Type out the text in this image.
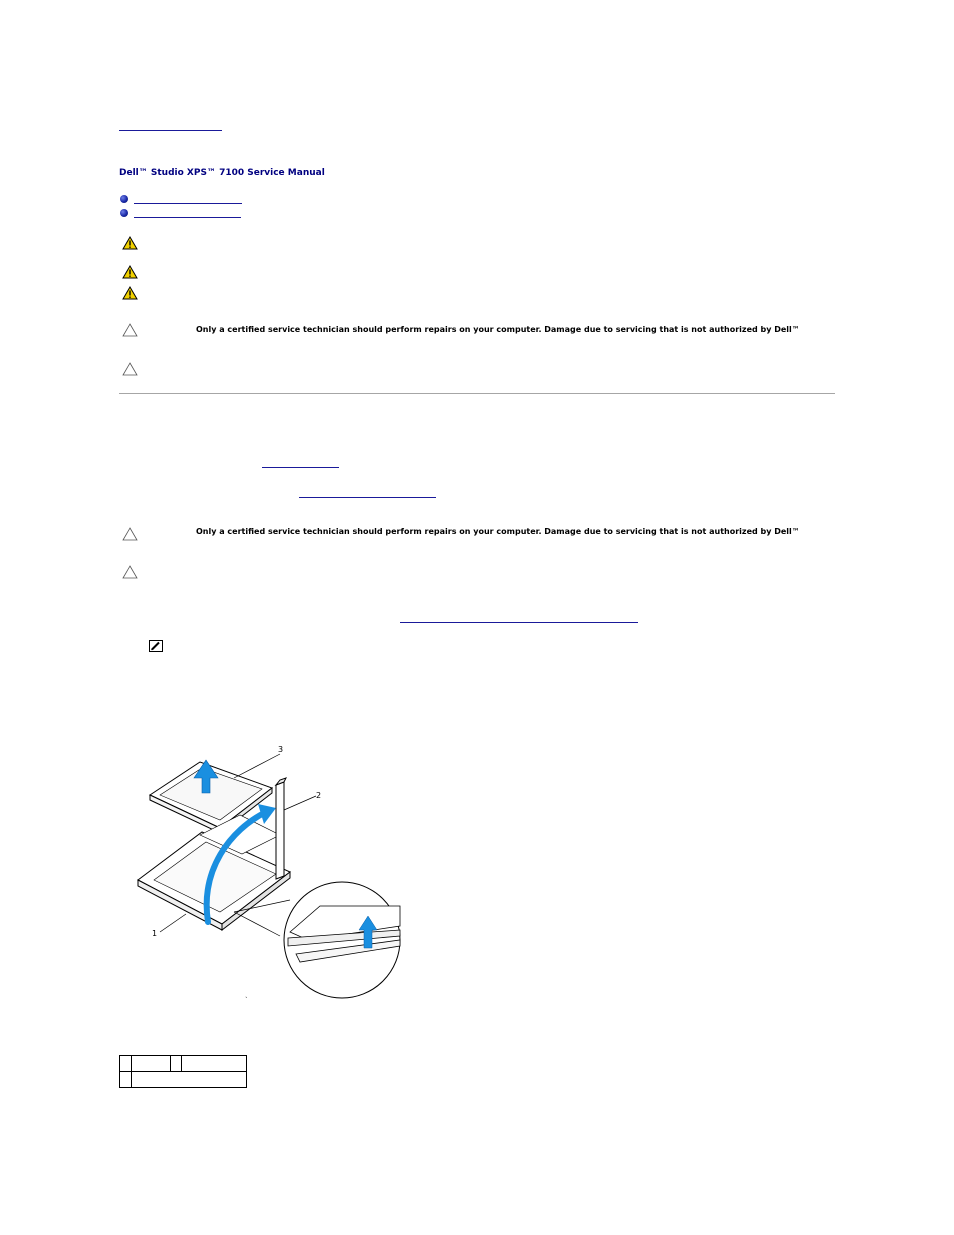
Dell™ Studio XPS™ 7100 Service Manual
Only a certified service technician should perform repairs on your computer. Damage due to servicing that is not authorized by Dell™
Only a certified service technician should perform repairs on your computer. Damage due to servicing that is not authorized by Dell™
3
2
1
`
